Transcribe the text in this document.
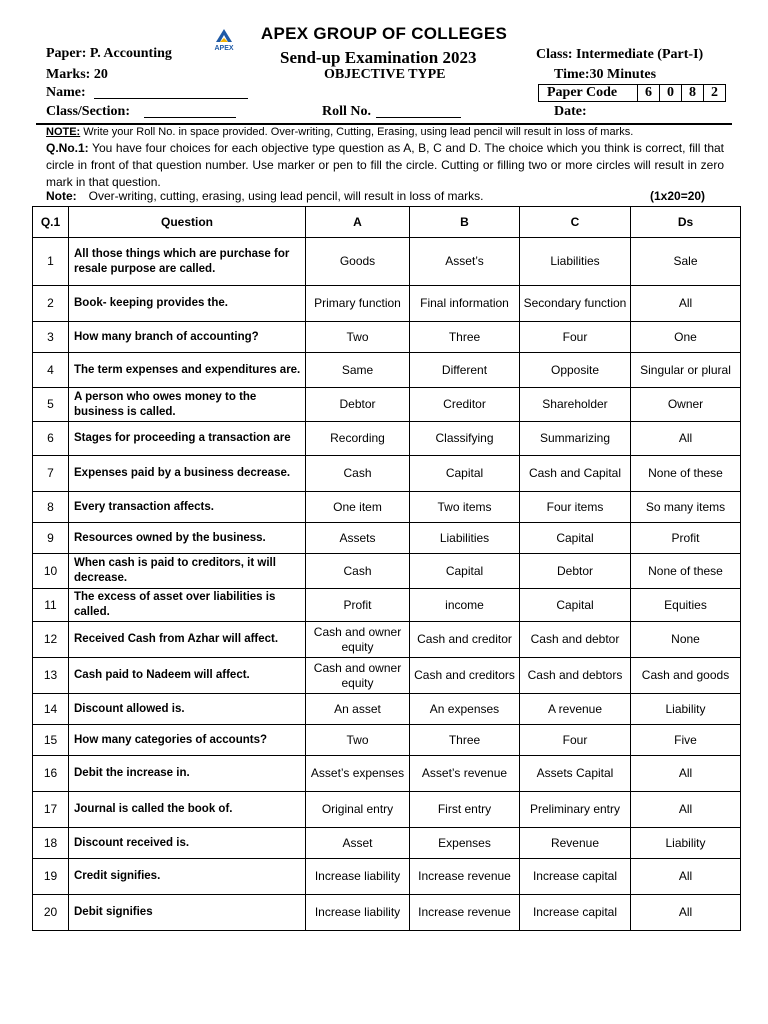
APEX GROUP OF COLLEGES
APEX
Paper: P. Accounting	Send-up Examination 2023	Class: Intermediate (Part-I)
Marks: 20	OBJECTIVE TYPE	Time:30 Minutes
Name:	Paper Code	6	0	8	2
Class/Section:	Roll No.	Date:
NOTE: Write your Roll No. in space provided. Over-writing, Cutting, Erasing, using lead pencil will result in loss of marks.
Q.No.1: You have four choices for each objective type question as A, B, C and D. The choice which you think is correct, fill that circle in front of that question number. Use marker or pen to fill the circle. Cutting or filling two or more circles will result in zero mark in that question.
Note: Over-writing, cutting, erasing, using lead pencil, will result in loss of marks.	(1x20=20)
Q.1	Question	A	B	C	Ds
1	All those things which are purchase for resale purpose are called.	Goods	Asset’s	Liabilities	Sale
2	Book- keeping provides the.	Primary function	Final information	Secondary function	All
3	How many branch of accounting?	Two	Three	Four	One
4	The term expenses and expenditures are.	Same	Different	Opposite	Singular or plural
5	A person who owes money to the business is called.	Debtor	Creditor	Shareholder	Owner
6	Stages for proceeding a transaction are	Recording	Classifying	Summarizing	All
7	Expenses paid by a business decrease.	Cash	Capital	Cash and Capital	None of these
8	Every transaction affects.	One item	Two items	Four items	So many items
9	Resources owned by the business.	Assets	Liabilities	Capital	Profit
10	When cash is paid to creditors, it will decrease.	Cash	Capital	Debtor	None of these
11	The excess of asset over liabilities is called.	Profit	income	Capital	Equities
12	Received Cash from Azhar will affect.	Cash and owner equity	Cash and creditor	Cash and debtor	None
13	Cash paid to Nadeem will affect.	Cash and owner equity	Cash and creditors	Cash and debtors	Cash and goods
14	Discount allowed is.	An asset	An expenses	A revenue	Liability
15	How many categories of accounts?	Two	Three	Four	Five
16	Debit the increase in.	Asset’s expenses	Asset’s revenue	Assets Capital	All
17	Journal is called the book of.	Original entry	First entry	Preliminary entry	All
18	Discount received is.	Asset	Expenses	Revenue	Liability
19	Credit signifies.	Increase liability	Increase revenue	Increase capital	All
20	Debit signifies	Increase liability	Increase revenue	Increase capital	All
